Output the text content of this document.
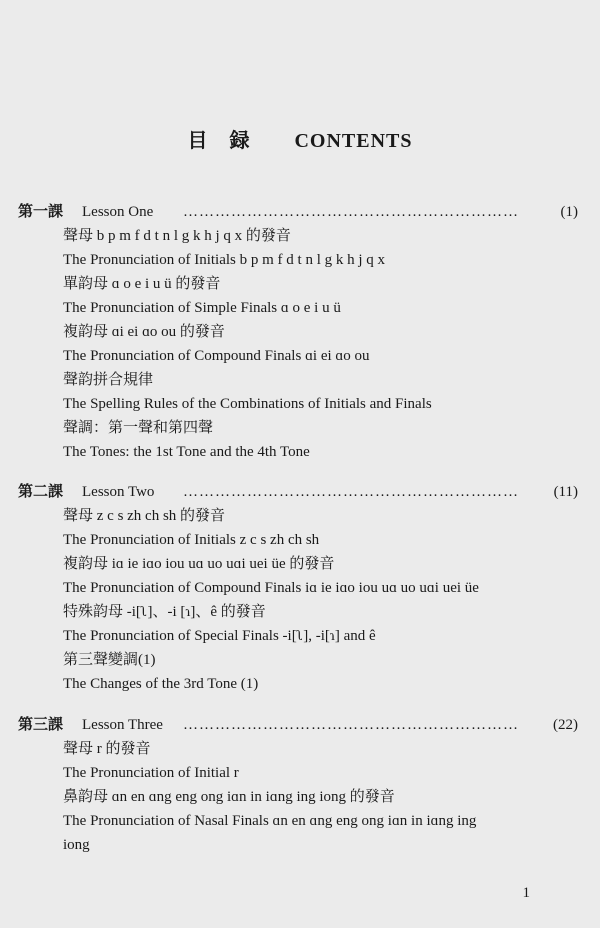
目　録 CONTENTS
第一課 Lesson One ………………………………………………………	(1)
聲母 b p m f d t n l g k h j q x 的發音
The Pronunciation of Initials b p m f d t n l g k h j q x
單韵母 ɑ o e i u ü 的發音
The Pronunciation of Simple Finals ɑ o e i u ü
複韵母 ɑi ei ɑo ou 的發音
The Pronunciation of Compound Finals ɑi ei ɑo ou
聲韵拼合規律
The Spelling Rules of the Combinations of Initials and Finals
聲調：第一聲和第四聲
The Tones: the 1st Tone and the 4th Tone
第二課 Lesson Two ………………………………………………………	(11)
聲母 z c s zh ch sh 的發音
The Pronunciation of Initials z c s zh ch sh
複韵母 iɑ ie iɑo iou uɑ uo uɑi uei üe 的發音
The Pronunciation of Compound Finals iɑ ie iɑo iou uɑ uo uɑi uei üe
特殊韵母 -i[ʅ]、-i [ɿ]、ê 的發音
The Pronunciation of Special Finals -i[ʅ], -i[ɿ] and ê
第三聲變調(1)
The Changes of the 3rd Tone (1)
第三課 Lesson Three ………………………………………………………	(22)
聲母 r 的發音
The Pronunciation of Initial r
鼻韵母 ɑn en ɑng eng ong iɑn in iɑng ing iong 的發音
The Pronunciation of Nasal Finals ɑn en ɑng eng ong iɑn in iɑng ing
iong
1
